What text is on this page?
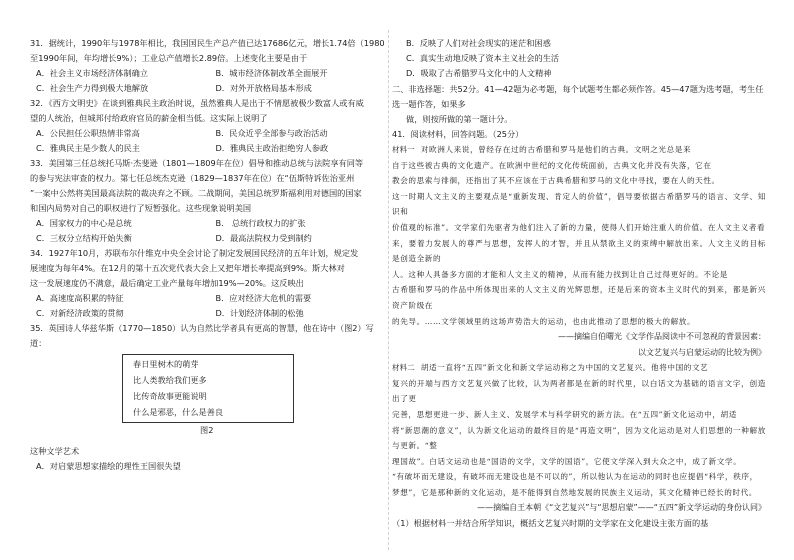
31．据统计，1990年与1978年相比，我国国民生产总产值已达17686亿元，增长1.74倍（1980

至1990年间，年均增长9%）；工业总产值增长2.89倍。上述变化主要是由于

A．社会主义市场经济体制确立	B．城市经济体制改革全面展开
C．社会生产力得到极大地解放	D．对外开放格局基本形成

32．《西方文明史》在谈到雅典民主政治时说，虽然雅典人是出于不情愿被极少数富人或有威

望的人统治，但城邦付给政府官员的薪金相当低。这实际上说明了

A．公民担任公职热情非常高	B．民众近乎全部参与政治活动
C．雅典民主是少数人的民主	D．雅典民主政治拒绝穷人参政

33．美国第三任总统托马斯·杰斐逊（1801—1809年在位）倡导和推动总统与法院享有同等

的参与宪法审查的权力。第七任总统杰克逊（1829—1837年在位）在“伍斯特诉佐治亚州

”一案中公然将美国最高法院的裁决弃之不顾。二战期间，美国总统罗斯福利用对德国的国家

和国内局势对自己的职权进行了短暂强化。这些现象说明美国

A．国家权力的中心是总统	B． 总统行政权力的扩张
C．三权分立结构开始失衡	D．最高法院权力受到制约

34．1927年10月，苏联布尔什维克中央全会讨论了制定发展国民经济的五年计划，规定发

展速度为每年4%。在12月的第十五次党代表大会上又把年增长率提高到9%。斯大林对

这一发展速度仍不满意，最后确定工业产量每年增加19%—20%。这反映出

A．高速度高积累的特征	B．应对经济大危机的需要
C．对新经济政策的贯彻	D．计划经济体制的松弛

35．英国诗人华兹华斯（1770—1850）认为自然比学者具有更高的智慧，他在诗中（图2）写道：

春日里树木的萌芽

比人类教给我们更多

比传奇故事更能说明

什么是邪恶，什么是善良

图2

这种文学艺术

A．对启蒙思想家描绘的理性王国很失望
B．反映了人们对社会现实的迷茫和困惑
C．真实生动地反映了资本主义社会的生活
D．吸取了古希腊罗马文化中的人文精神

二、非选择题：共52分。41—42题为必考题，每个试题考生都必须作答。45—47题为选考题，考生任选一题作答，如果多

做，则按所做的第一题计分。

41．阅读材料，回答问题。（25分）

材料一 对欧洲人来说，曾经存在过的古希腊和罗马是他们的古典。文明之光总是来

自于这些被古典的文化遗产。在欧洲中世纪的文化传统面前，古典文化并没有失落，它在

教会的思索与徘徊，还指出了其不应该在于古典希腊和罗马的文化中寻找，要在人的天性。

这一时期人文主义的主要观点是“重新发现、肯定人的价值”，倡导要依据古希腊罗马的语言、文学、知识和

价值观的标准”。文学家们先驱者为他们注入了新的力量，使得人们开始注重人的价值。在人文主义者看

来，要着力发展人的尊严与思想，发挥人的才智，并且从禁欲主义的束缚中解放出来。人文主义的目标是创造全新的

人。这种人具备多方面的才能和人文主义的精神，从而有能力找到让自己过得更好的。不论是

古希腊和罗马的作品中所体现出来的人文主义的光辉思想，还是后来的资本主义时代的到来，都是新兴资产阶级在

的先导。……文学领域里的这场声势浩大的运动，也由此推动了思想的极大的解放。

——摘编自伯曙光《文学作品阅读中不可忽视的背景因素：

以文艺复兴与启蒙运动的比较为例》

材料二 胡适一直将“五四”新文化和新文学运动称之为中国的文艺复兴。他将中国的文艺

复兴的开端与西方文艺复兴做了比较，认为两者都是在新的时代里，以白话文为基础的语言文字，创造出了更

完善，思想更进一步、新人主义、发展学术与科学研究的新方法。在“五四”新文化运动中，胡适

将“新思潮的意义”，认为新文化运动的最终目的是“再造文明”，因为文化运动是对人们思想的一种解放与更新。“整

理国故”。白话文运动也是“国语的文学，文学的国语”，它使文学深入到大众之中，成了新文学。

“有破坏而无建设，有破坏而无建设也是不可以的”，所以他认为在运动的同时也应提倡“科学，秩序，

梦想”，它是那种新的文化运动，是不能得到自然地发展的民族主义运动，其文化精神已经长的时代。

——摘编自王本朝《“文艺复兴”与“思想启蒙”——“五四”新文学运动的身份认同》

（1）根据材料一并结合所学知识，概括文艺复兴时期的文学家在文化建设主张方面的基
